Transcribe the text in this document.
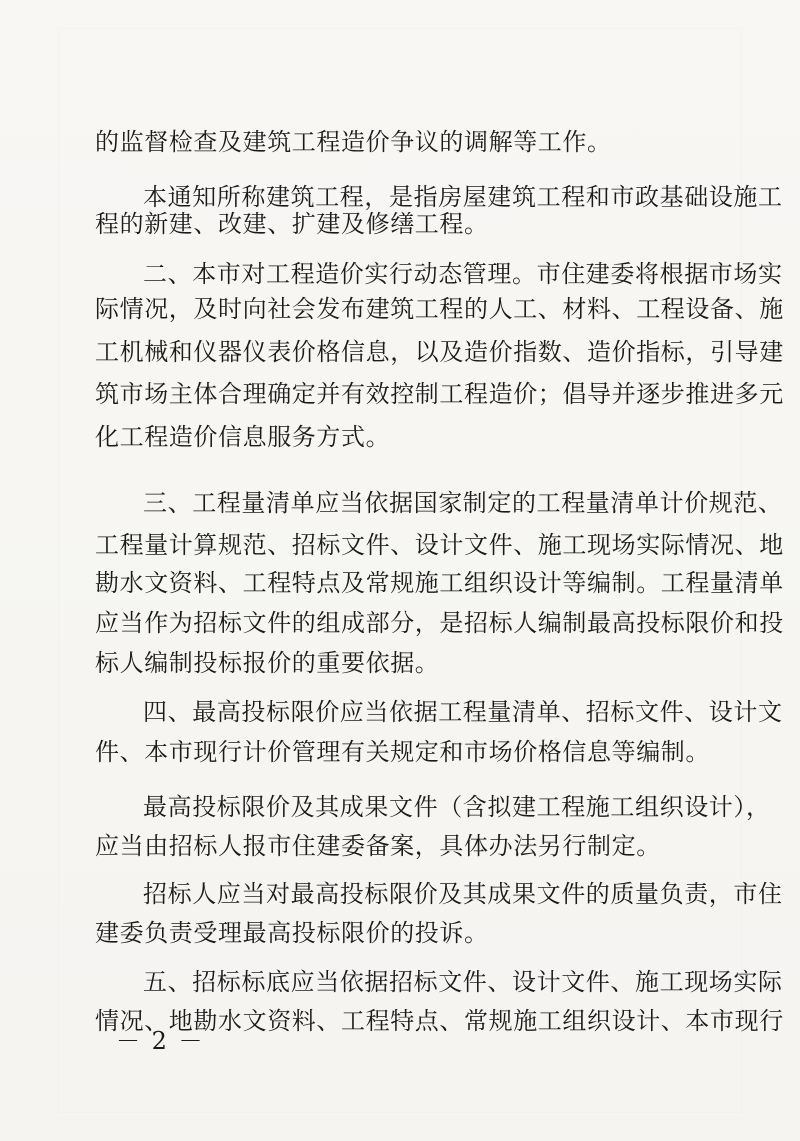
的监督检查及建筑工程造价争议的调解等工作。
本通知所称建筑工程，是指房屋建筑工程和市政基础设施工
程的新建、改建、扩建及修缮工程。
二、本市对工程造价实行动态管理。市住建委将根据市场实
际情况，及时向社会发布建筑工程的人工、材料、工程设备、施
工机械和仪器仪表价格信息，以及造价指数、造价指标，引导建
筑市场主体合理确定并有效控制工程造价；倡导并逐步推进多元
化工程造价信息服务方式。
三、工程量清单应当依据国家制定的工程量清单计价规范、
工程量计算规范、招标文件、设计文件、施工现场实际情况、地
勘水文资料、工程特点及常规施工组织设计等编制。工程量清单
应当作为招标文件的组成部分，是招标人编制最高投标限价和投
标人编制投标报价的重要依据。
四、最高投标限价应当依据工程量清单、招标文件、设计文
件、本市现行计价管理有关规定和市场价格信息等编制。
最高投标限价及其成果文件（含拟建工程施工组织设计），
应当由招标人报市住建委备案，具体办法另行制定。
招标人应当对最高投标限价及其成果文件的质量负责，市住
建委负责受理最高投标限价的投诉。
五、招标标底应当依据招标文件、设计文件、施工现场实际
情况、地勘水文资料、工程特点、常规施工组织设计、本市现行
－ 2 －
